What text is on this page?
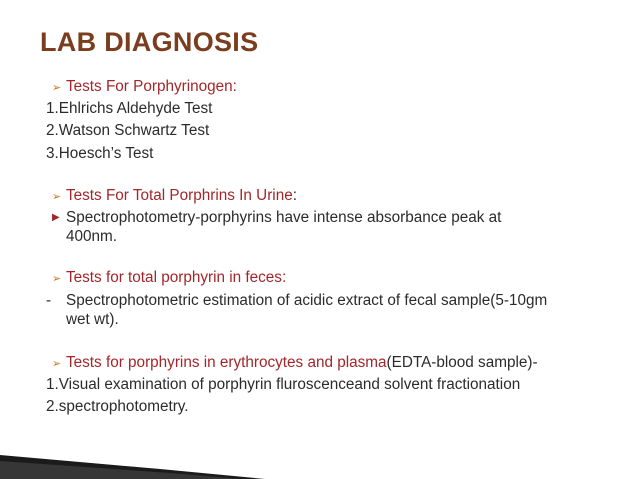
LAB DIAGNOSIS
➢ Tests For Porphyrinogen:
1.Ehlrichs Aldehyde Test
2.Watson Schwartz Test
3.Hoesch’s Test
➢ Tests For Total Porphrins In Urine:
▶ Spectrophotometry-porphyrins have intense absorbance peak at
400nm.
➢ Tests for total porphyrin in feces:
- Spectrophotometric estimation of acidic extract of fecal sample(5-10gm
wet wt).
➢ Tests for porphyrins in erythrocytes and plasma(EDTA-blood sample)-
1.Visual examination of porphyrin fluroscenceand solvent fractionation
2.spectrophotometry.
